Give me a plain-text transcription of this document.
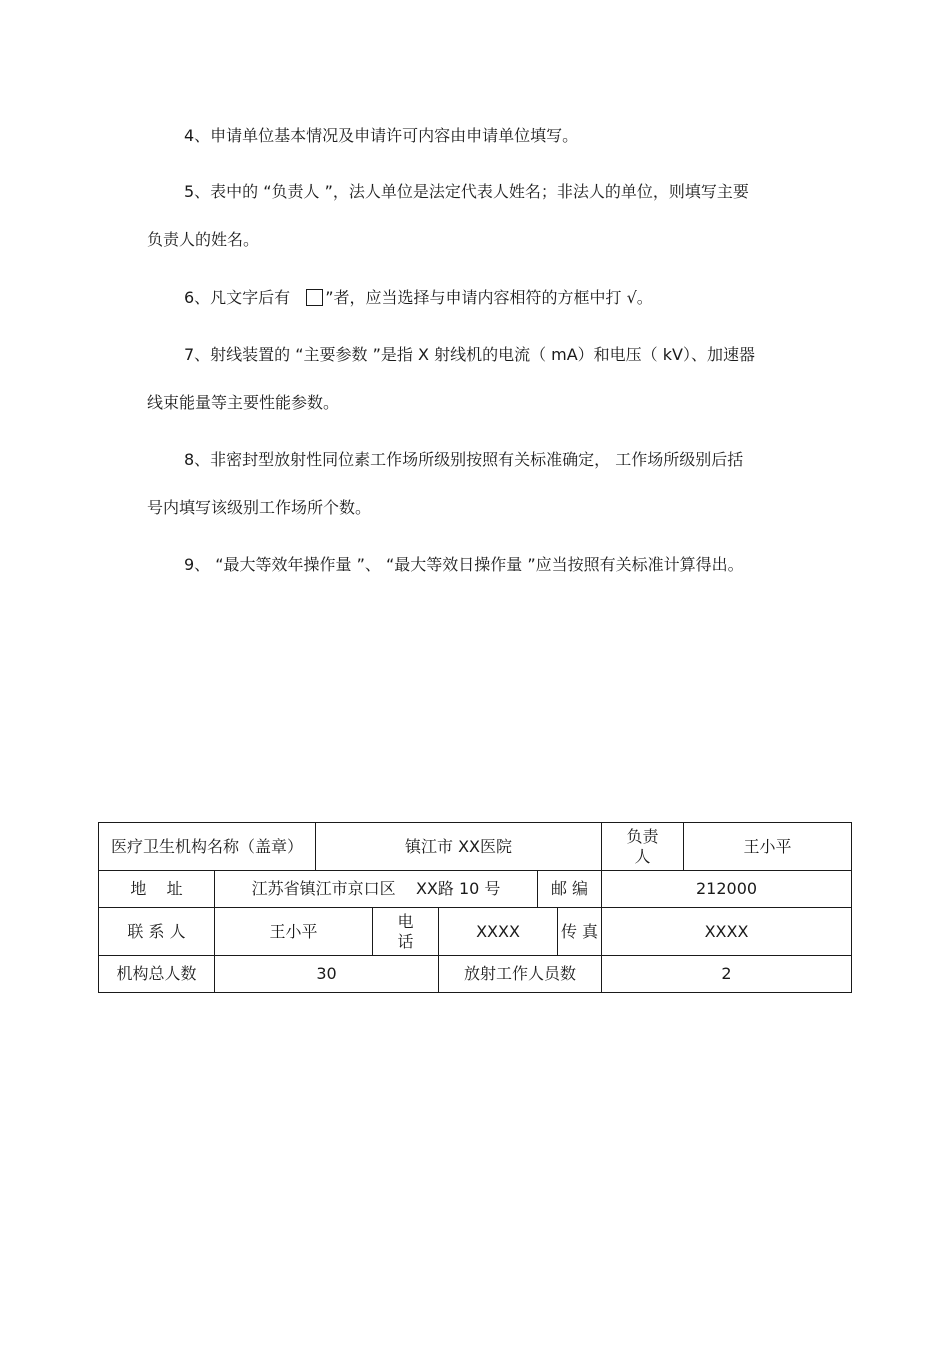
4、申请单位基本情况及申请许可内容由申请单位填写。
5、表中的 “负责人 ”，法人单位是法定代表人姓名；非法人的单位，则填写主要
负责人的姓名。
6、凡文字后有 ”者，应当选择与申请内容相符的方框中打 √。
7、射线装置的 “主要参数 ”是指 X 射线机的电流（ mA）和电压（ kV）、加速器
线束能量等主要性能参数。
8、非密封型放射性同位素工作场所级别按照有关标准确定， 工作场所级别后括
号内填写该级别工作场所个数。
9、 “最大等效年操作量 ”、 “最大等效日操作量 ”应当按照有关标准计算得出。
医疗卫生机构名称（盖章）		镇江市 XX医院					负责人	王小平
地    址	江苏省镇江市京口区    XX路 10 号				邮 编		212000	
联 系 人	王小平		电话	XXXX		传 真	XXXX	
机构总人数	30			放射工作人员数			2	
